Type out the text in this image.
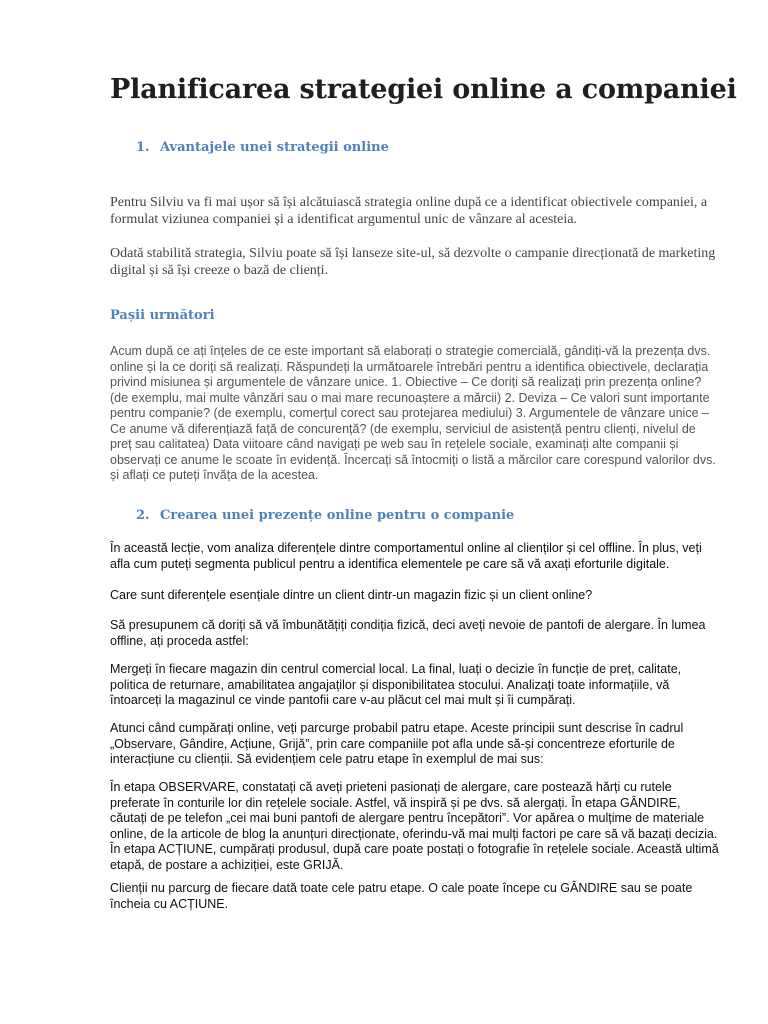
Planificarea strategiei online a companiei
1. Avantajele unei strategii online

Pentru Silviu va fi mai ușor să își alcătuiască strategia online după ce a identificat obiectivele companiei, a formulat viziunea companiei și a identificat argumentul unic de vânzare al acesteia.

Odată stabilită strategia, Silviu poate să își lanseze site-ul, să dezvolte o campanie direcționată de marketing digital și să își creeze o bază de clienți.

Pașii următori

Acum după ce ați înțeles de ce este important să elaborați o strategie comercială, gândiți-vă la prezența dvs. online și la ce doriți să realizați. Răspundeți la următoarele întrebări pentru a identifica obiectivele, declarația privind misiunea și argumentele de vânzare unice. 1. Obiective – Ce doriți să realizați prin prezența online? (de exemplu, mai multe vânzări sau o mai mare recunoaștere a mărcii) 2. Deviza – Ce valori sunt importante pentru companie? (de exemplu, comerțul corect sau protejarea mediului) 3. Argumentele de vânzare unice – Ce anume vă diferențiază față de concurență? (de exemplu, serviciul de asistență pentru clienți, nivelul de preț sau calitatea) Data viitoare când navigați pe web sau în rețelele sociale, examinați alte companii și observați ce anume le scoate în evidență. Încercați să întocmiți o listă a mărcilor care corespund valorilor dvs. și aflați ce puteți învăța de la acestea.

2. Crearea unei prezențe online pentru o companie

În această lecție, vom analiza diferențele dintre comportamentul online al clienților și cel offline. În plus, veți afla cum puteți segmenta publicul pentru a identifica elementele pe care să vă axați eforturile digitale.

Care sunt diferențele esențiale dintre un client dintr-un magazin fizic și un client online?

Să presupunem că doriți să vă îmbunătățiți condiția fizică, deci aveți nevoie de pantofi de alergare. În lumea offline, ați proceda astfel:

Mergeți în fiecare magazin din centrul comercial local. La final, luați o decizie în funcție de preț, calitate, politica de returnare, amabilitatea angajaților și disponibilitatea stocului. Analizați toate informațiile, vă întoarceți la magazinul ce vinde pantofii care v-au plăcut cel mai mult și îi cumpărați.

Atunci când cumpărați online, veți parcurge probabil patru etape. Aceste principii sunt descrise în cadrul „Observare, Gândire, Acțiune, Grijă”, prin care companiile pot afla unde să-și concentreze eforturile de interacțiune cu clienții. Să evidențiem cele patru etape în exemplul de mai sus:

În etapa OBSERVARE, constatați că aveți prieteni pasionați de alergare, care postează hărți cu rutele preferate în conturile lor din rețelele sociale. Astfel, vă inspiră și pe dvs. să alergați. În etapa GÂNDIRE, căutați de pe telefon „cei mai buni pantofi de alergare pentru începători”. Vor apărea o mulțime de materiale online, de la articole de blog la anunțuri direcționate, oferindu-vă mai mulți factori pe care să vă bazați decizia. În etapa ACȚIUNE, cumpărați produsul, după care poate postați o fotografie în rețelele sociale. Această ultimă etapă, de postare a achiziției, este GRIJĂ.

Clienții nu parcurg de fiecare dată toate cele patru etape. O cale poate începe cu GÂNDIRE sau se poate încheia cu ACȚIUNE.
